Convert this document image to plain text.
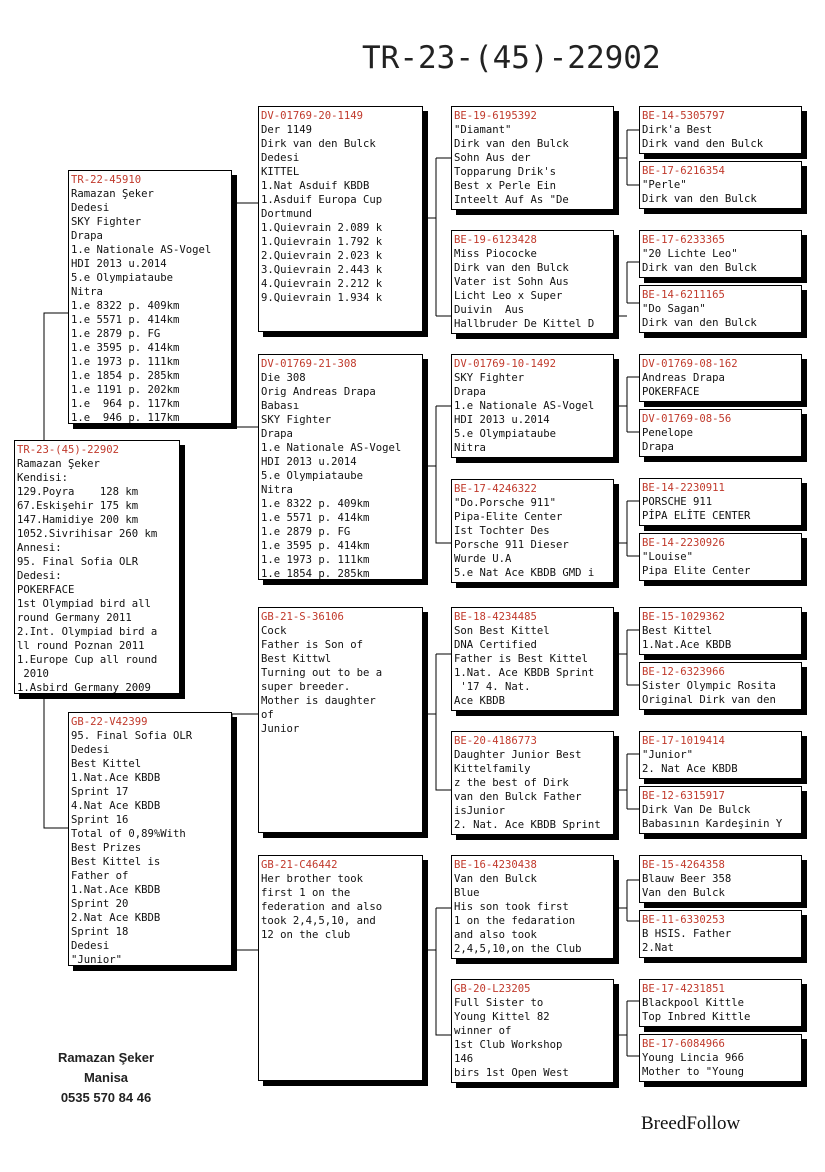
TR-23-(45)-22902
TR-23-(45)-22902
Ramazan Şeker
Kendisi:
129.Poyra    128 km
67.Eskişehir 175 km
147.Hamidiye 200 km
1052.Sivrihisar 260 km
Annesi:
95. Final Sofia OLR
Dedesi:
POKERFACE
1st Olympiad bird all
round Germany 2011
2.Int. Olympiad bird a
ll round Poznan 2011
1.Europe Cup all round
2010
1.Asbird Germany 2009
TR-22-45910
Ramazan Şeker
Dedesi
SKY Fighter
Drapa
1.e Nationale AS-Vogel
HDI 2013 u.2014
5.e Olympiataube
Nitra
1.e 8322 p. 409km
1.e 5571 p. 414km
1.e 2879 p. FG
1.e 3595 p. 414km
1.e 1973 p. 111km
1.e 1854 p. 285km
1.e 1191 p. 202km
1.e  964 p. 117km
1.e  946 p. 117km
GB-22-V42399
95. Final Sofia OLR
Dedesi
Best Kittel
1.Nat.Ace KBDB
Sprint 17
4.Nat Ace KBDB
Sprint 16
Total of 0,89%With
Best Prizes
Best Kittel is
Father of
1.Nat.Ace KBDB
Sprint 20
2.Nat Ace KBDB
Sprint 18
Dedesi
"Junior"
DV-01769-20-1149
Der 1149
Dirk van den Bulck
Dedesi
KITTEL
1.Nat Asduif KBDB
1.Asduif Europa Cup
Dortmund
1.Quievrain 2.089 k
1.Quievrain 1.792 k
2.Quievrain 2.023 k
3.Quievrain 2.443 k
4.Quievrain 2.212 k
9.Quievrain 1.934 k
DV-01769-21-308
Die 308
Orig Andreas Drapa
Babası
SKY Fighter
Drapa
1.e Nationale AS-Vogel
HDI 2013 u.2014
5.e Olympiataube
Nitra
1.e 8322 p. 409km
1.e 5571 p. 414km
1.e 2879 p. FG
1.e 3595 p. 414km
1.e 1973 p. 111km
1.e 1854 p. 285km
GB-21-S-36106
Cock
Father is Son of
Best Kittwl
Turning out to be a
super breeder.
Mother is daughter
of
Junior
GB-21-C46442
Her brother took
first 1 on the
federation and also
took 2,4,5,10, and
12 on the club
BE-19-6195392
"Diamant"
Dirk van den Bulck
Sohn Aus der
Topparung Drik's
Best x Perle Ein
Inteelt Auf As "De
BE-19-6123428
Miss Piococke
Dirk van den Bulck
Vater ist Sohn Aus
Licht Leo x Super
Duivin  Aus
Hallbruder De Kittel D
DV-01769-10-1492
SKY Fighter
Drapa
1.e Nationale AS-Vogel
HDI 2013 u.2014
5.e Olympiataube
Nitra
BE-17-4246322
"Do.Porsche 911"
Pipa-Elite Center
Ist Tochter Des
Porsche 911 Dieser
Wurde U.A
5.e Nat Ace KBDB GMD i
BE-18-4234485
Son Best Kittel
DNA Certified
Father is Best Kittel
1.Nat. Ace KBDB Sprint
'17 4. Nat.
Ace KBDB
BE-20-4186773
Daughter Junior Best
Kittelfamily
z the best of Dirk
van den Bulck Father
isJunior
2. Nat. Ace KBDB Sprint
BE-16-4230438
Van den Bulck
Blue
His son took first
1 on the fedaration
and also took
2,4,5,10,on the Club
GB-20-L23205
Full Sister to
Young Kittel 82
winner of
1st Club Workshop
146
birs 1st Open West
BE-14-5305797
Dirk'a Best
Dirk vand den Bulck
BE-17-6216354
"Perle"
Dirk van den Bulck
BE-17-6233365
"20 Lichte Leo"
Dirk van den Bulck
BE-14-6211165
"Do Sagan"
Dirk van den Bulck
DV-01769-08-162
Andreas Drapa
POKERFACE
DV-01769-08-56
Penelope
Drapa
BE-14-2230911
PORSCHE 911
PİPA ELİTE CENTER
BE-14-2230926
"Louise"
Pipa Elite Center
BE-15-1029362
Best Kittel
1.Nat.Ace KBDB
BE-12-6323966
Sister Olympic Rosita
Original Dirk van den
BE-17-1019414
"Junior"
2. Nat Ace KBDB
BE-12-6315917
Dirk Van De Bulck
Babasının Kardeşinin Y
BE-15-4264358
Blauw Beer 358
Van den Bulck
BE-11-6330253
B HSIS. Father
2.Nat
BE-17-4231851
Blackpool Kittle
Top Inbred Kittle
BE-17-6084966
Young Lincia 966
Mother to "Young
Ramazan Şeker
Manisa
0535 570 84 46
BreedFollow
